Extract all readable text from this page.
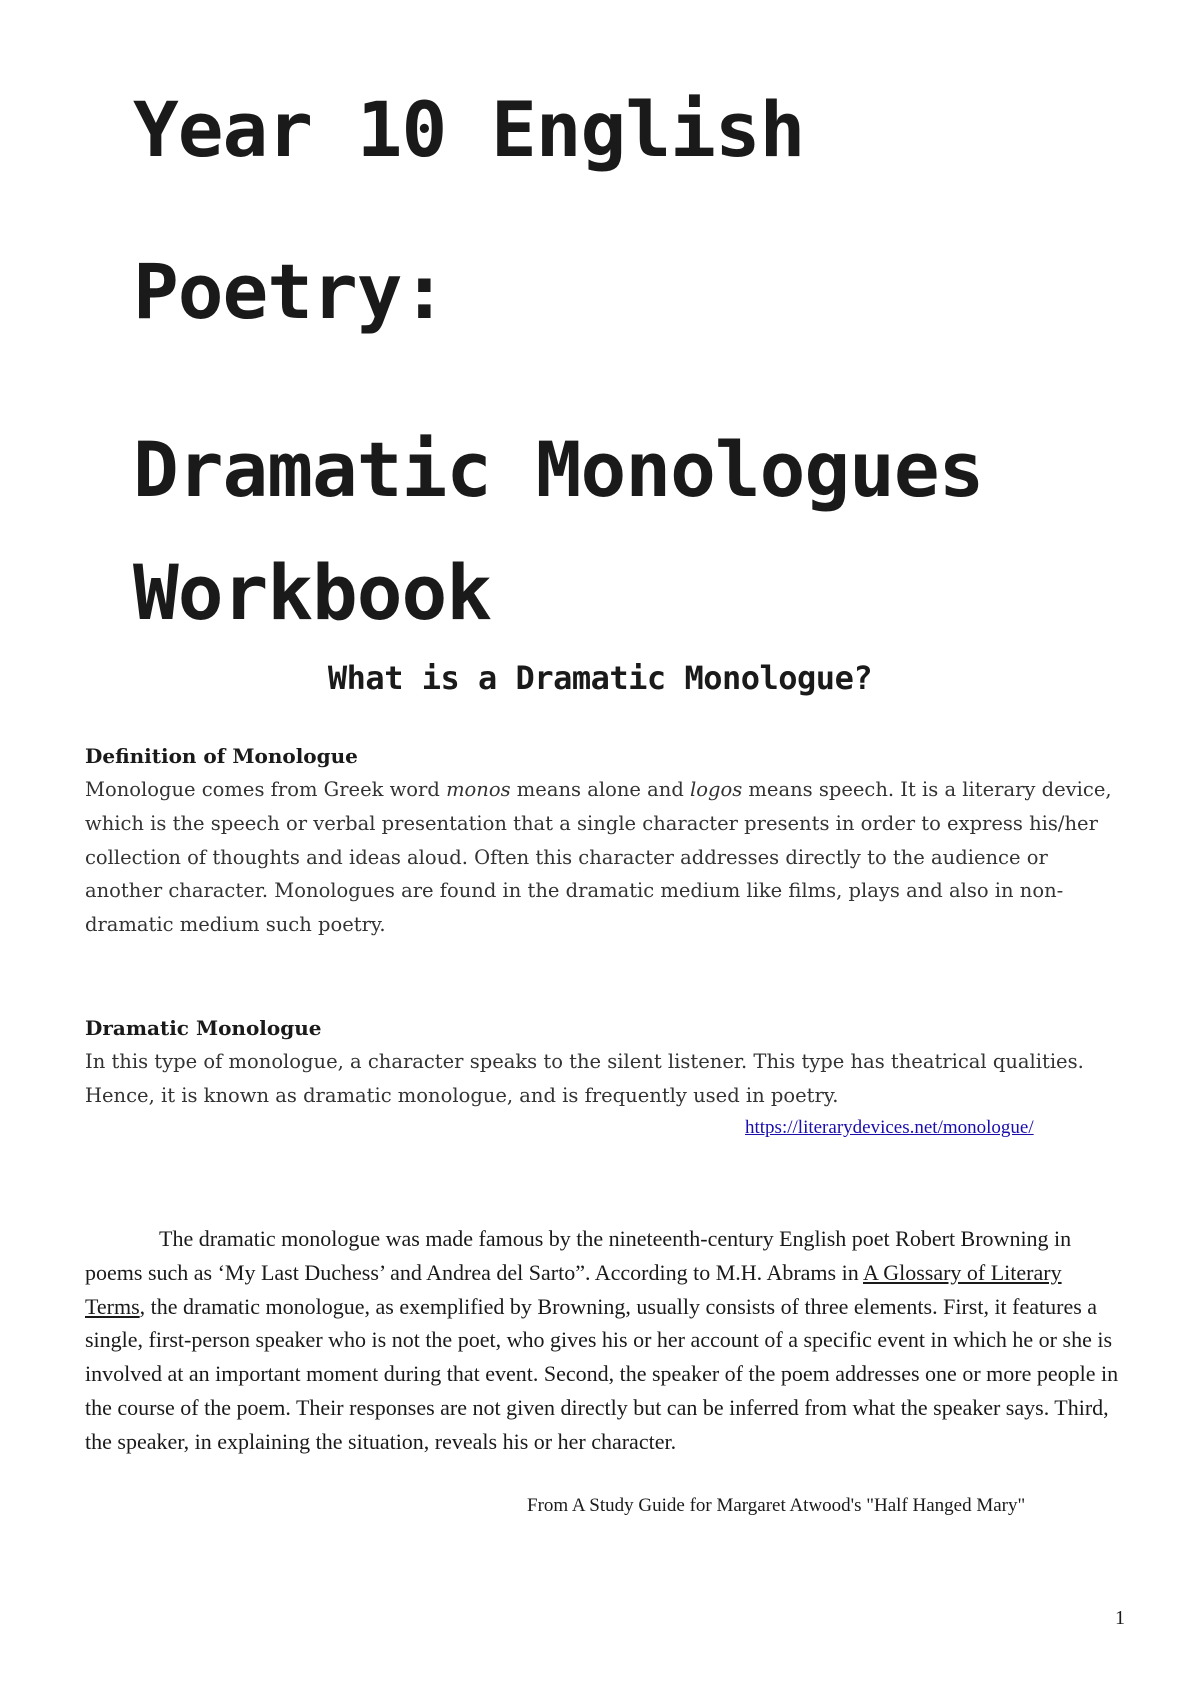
Year 10 English
Poetry:
Dramatic Monologues
Workbook
What is a Dramatic Monologue?
Definition of Monologue
Monologue comes from Greek word monos means alone and logos means speech. It is a literary device, which is the speech or verbal presentation that a single character presents in order to express his/her collection of thoughts and ideas aloud. Often this character addresses directly to the audience or another character. Monologues are found in the dramatic medium like films, plays and also in non-dramatic medium such poetry.
Dramatic Monologue
In this type of monologue, a character speaks to the silent listener. This type has theatrical qualities. Hence, it is known as dramatic monologue, and is frequently used in poetry.
https://literarydevices.net/monologue/
The dramatic monologue was made famous by the nineteenth-century English poet Robert Browning in poems such as ‘My Last Duchess’ and Andrea del Sarto”. According to M.H. Abrams in A Glossary of Literary Terms, the dramatic monologue, as exemplified by Browning, usually consists of three elements. First, it features a single, first-person speaker who is not the poet, who gives his or her account of a specific event in which he or she is involved at an important moment during that event. Second, the speaker of the poem addresses one or more people in the course of the poem. Their responses are not given directly but can be inferred from what the speaker says. Third, the speaker, in explaining the situation, reveals his or her character.
From A Study Guide for Margaret Atwood's "Half Hanged Mary"
1
